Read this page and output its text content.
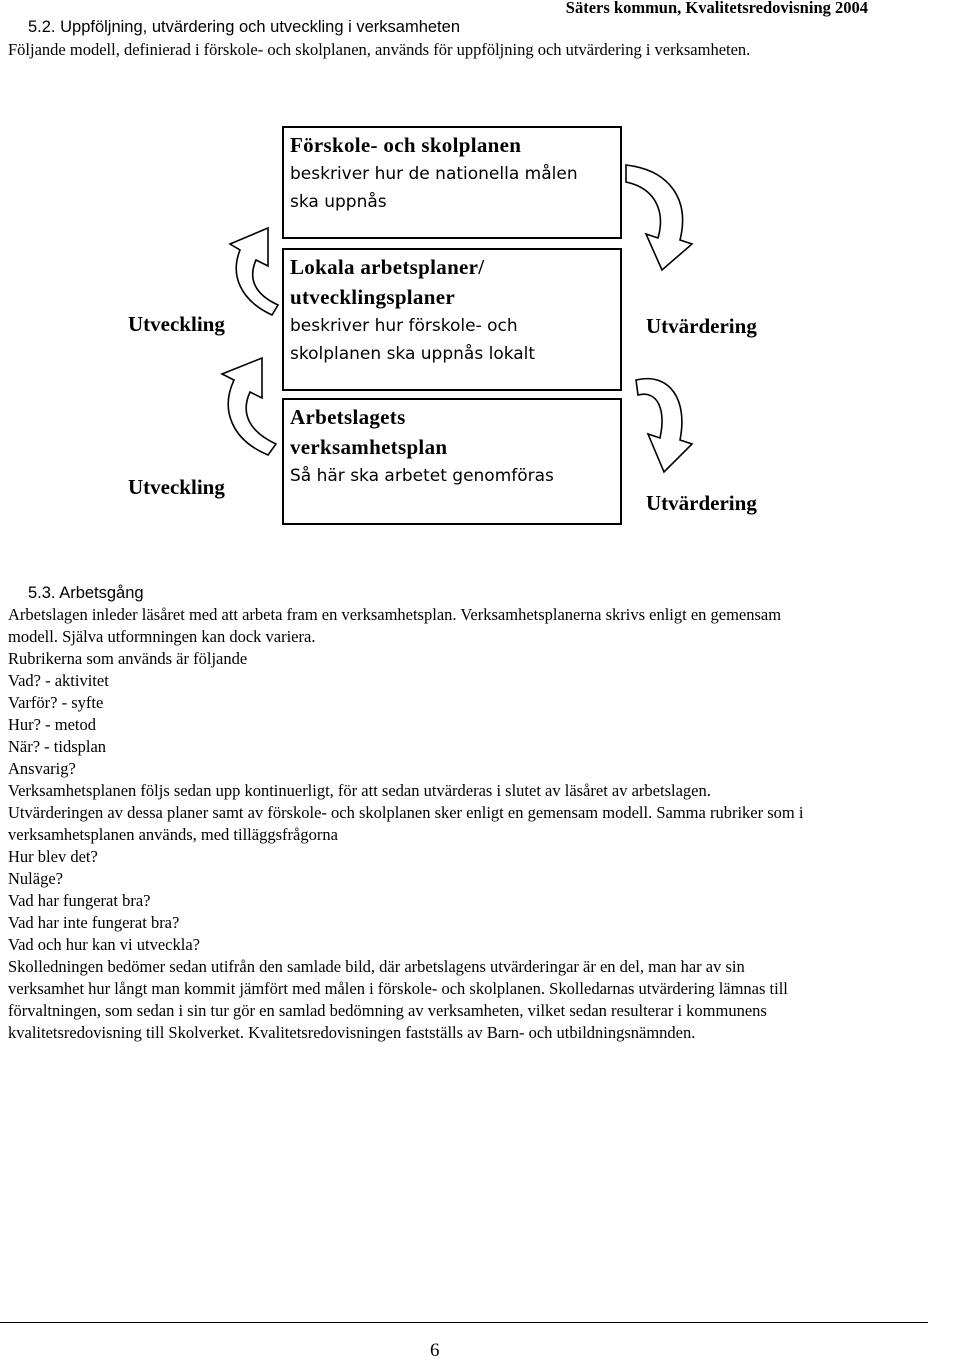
Säters kommun, Kvalitetsredovisning 2004
5.2. Uppföljning, utvärdering och utveckling i verksamheten
Följande modell, definierad i förskole- och skolplanen, används för uppföljning och utvärdering i verksamheten.
Förskole- och skolplanen
beskriver hur de nationella målen
ska uppnås
Lokala arbetsplaner/
utvecklingsplaner
beskriver hur förskole- och
skolplanen ska uppnås lokalt
Arbetslagets
verksamhetsplan
Så här ska arbetet genomföras
Utveckling
Utveckling
Utvärdering
Utvärdering
5.3. Arbetsgång

Arbetslagen inleder läsåret med att arbeta fram en verksamhetsplan. Verksamhetsplanerna skrivs enligt en gemensam

modell. Själva utformningen kan dock variera.

Rubrikerna som används är följande

Vad? - aktivitet

Varför? - syfte

Hur? - metod

När? - tidsplan

Ansvarig?

Verksamhetsplanen följs sedan upp kontinuerligt, för att sedan utvärderas i slutet av läsåret av arbetslagen.

Utvärderingen av dessa planer samt av förskole- och skolplanen sker enligt en gemensam modell. Samma rubriker som i

verksamhetsplanen används, med tilläggsfrågorna

Hur blev det?

Nuläge?

Vad har fungerat bra?

Vad har inte fungerat bra?

Vad och hur kan vi utveckla?

Skolledningen bedömer sedan utifrån den samlade bild, där arbetslagens utvärderingar är en del, man har av sin

verksamhet hur långt man kommit jämfört med målen i förskole- och skolplanen. Skolledarnas utvärdering lämnas till

förvaltningen, som sedan i sin tur gör en samlad bedömning av verksamheten, vilket sedan resulterar i kommunens

kvalitetsredovisning till Skolverket. Kvalitetsredovisningen fastställs av Barn- och utbildningsnämnden.

6
